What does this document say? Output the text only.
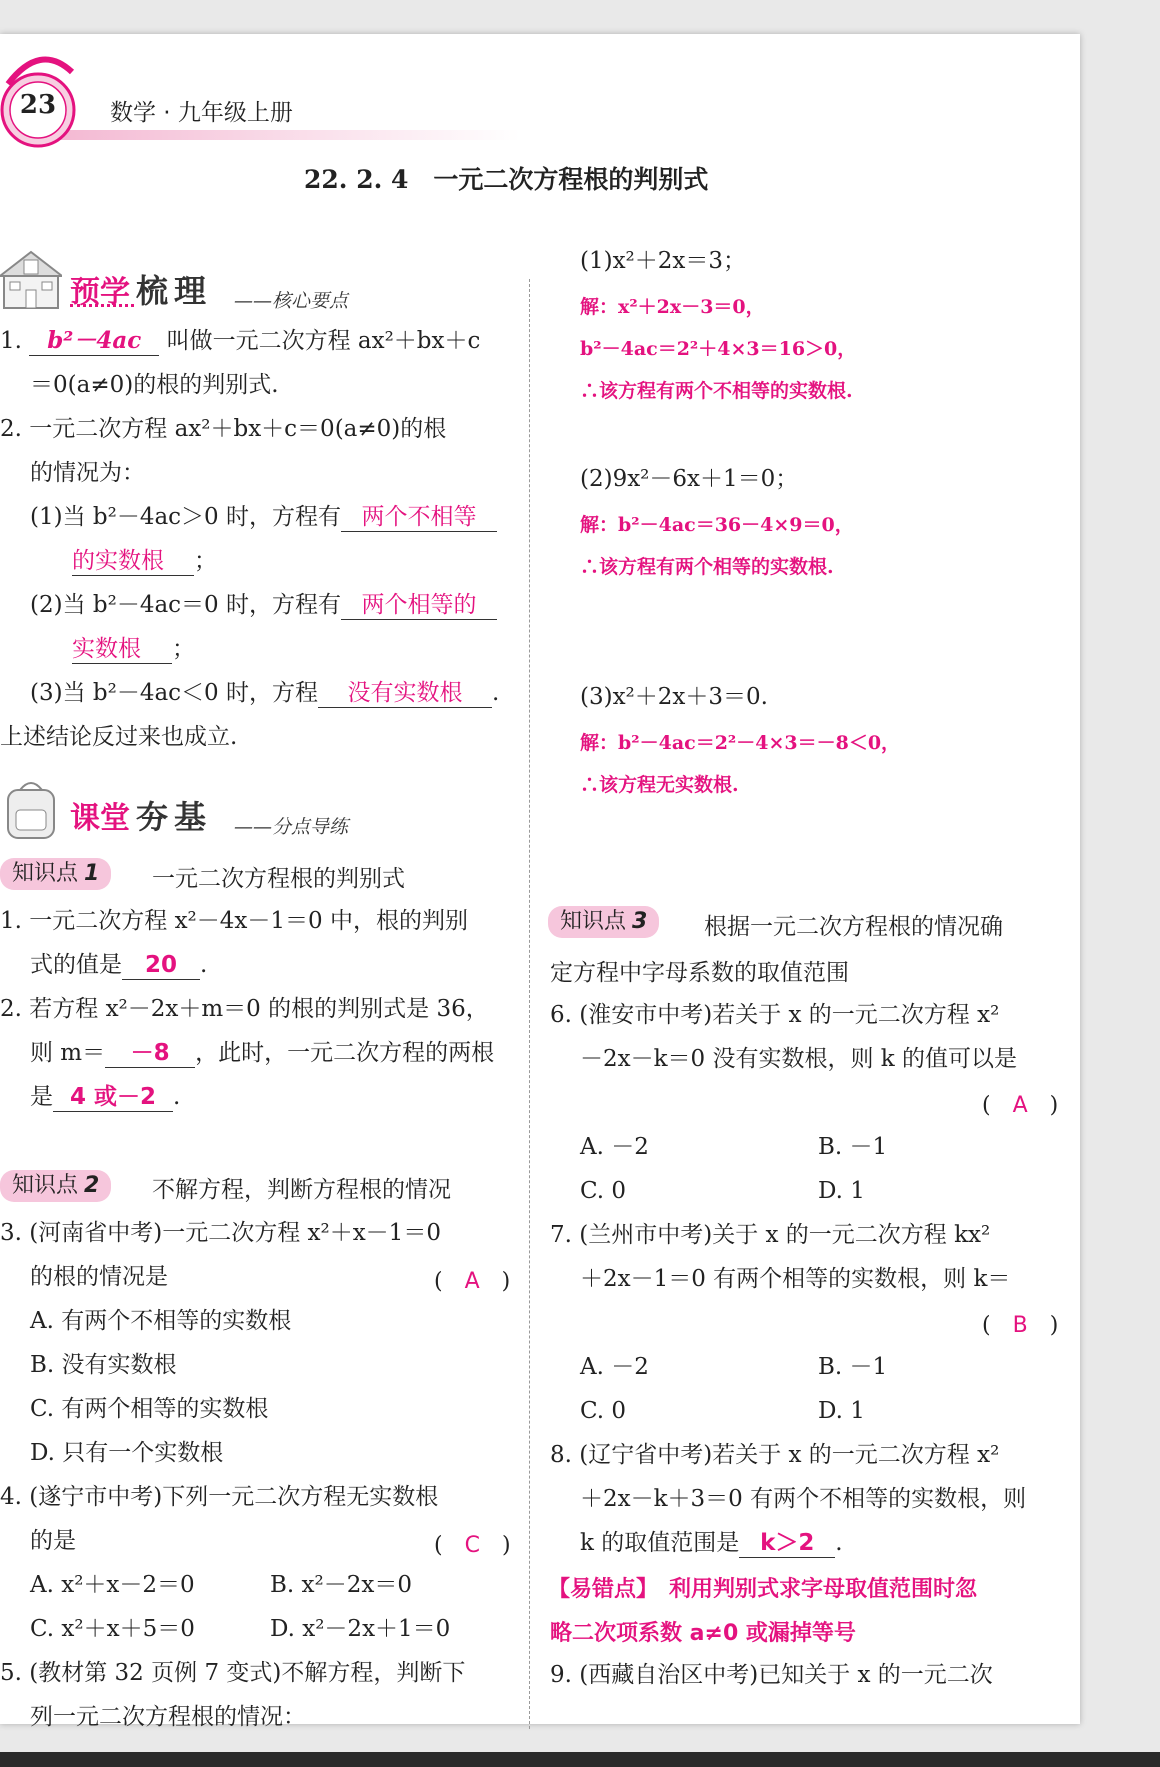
23 数学 · 九年级上册
22. 2. 4　一元二次方程根的判别式
预学 梳 理 ——核心要点
1. b²－4ac 叫做一元二次方程 ax²＋bx＋c
＝0(a≠0)的根的判别式.
2. 一元二次方程 ax²＋bx＋c＝0(a≠0)的根
的情况为：
(1)当 b²－4ac＞0 时，方程有 两个不相等
的实数根 ；
(2)当 b²－4ac＝0 时，方程有 两个相等的
实数根 ；
(3)当 b²－4ac＜0 时，方程 没有实数根 .
上述结论反过来也成立.
课堂 夯 基 ——分点导练
知识点 1	一元二次方程根的判别式
1. 一元二次方程 x²－4x－1＝0 中，根的判别
式的值是 20 .
2. 若方程 x²－2x＋m＝0 的根的判别式是 36，
则 m＝ －8 ，此时，一元二次方程的两根
是 4 或－2 .
知识点 2	不解方程，判断方程根的情况
3. (河南省中考)一元二次方程 x²＋x－1＝0
的根的情况是	(　A　)
A. 有两个不相等的实数根
B. 没有实数根
C. 有两个相等的实数根
D. 只有一个实数根
4. (遂宁市中考)下列一元二次方程无实数根
的是	(　C　)
A. x²＋x－2＝0	B. x²－2x＝0
C. x²＋x＋5＝0	D. x²－2x＋1＝0
5. (教材第 32 页例 7 变式)不解方程，判断下
列一元二次方程根的情况：
(1)x²＋2x＝3；
解：x²＋2x－3＝0，
b²－4ac＝2²＋4×3＝16＞0，
∴该方程有两个不相等的实数根.
(2)9x²－6x＋1＝0；
解：b²－4ac＝36－4×9＝0，
∴该方程有两个相等的实数根.
(3)x²＋2x＋3＝0.
解：b²－4ac＝2²－4×3＝－8＜0，
∴该方程无实数根.
知识点 3	根据一元二次方程根的情况确
定方程中字母系数的取值范围
6. (淮安市中考)若关于 x 的一元二次方程 x²
－2x－k＝0 没有实数根，则 k 的值可以是
(　A　)
A. －2	B. －1
C. 0	D. 1
7. (兰州市中考)关于 x 的一元二次方程 kx²
＋2x－1＝0 有两个相等的实数根，则 k＝
(　B　)
A. －2	B. －1
C. 0	D. 1
8. (辽宁省中考)若关于 x 的一元二次方程 x²
＋2x－k＋3＝0 有两个不相等的实数根，则
k 的取值范围是 k＞2 .
【易错点】　利用判别式求字母取值范围时忽
略二次项系数 a≠0 或漏掉等号
9. (西藏自治区中考)已知关于 x 的一元二次
